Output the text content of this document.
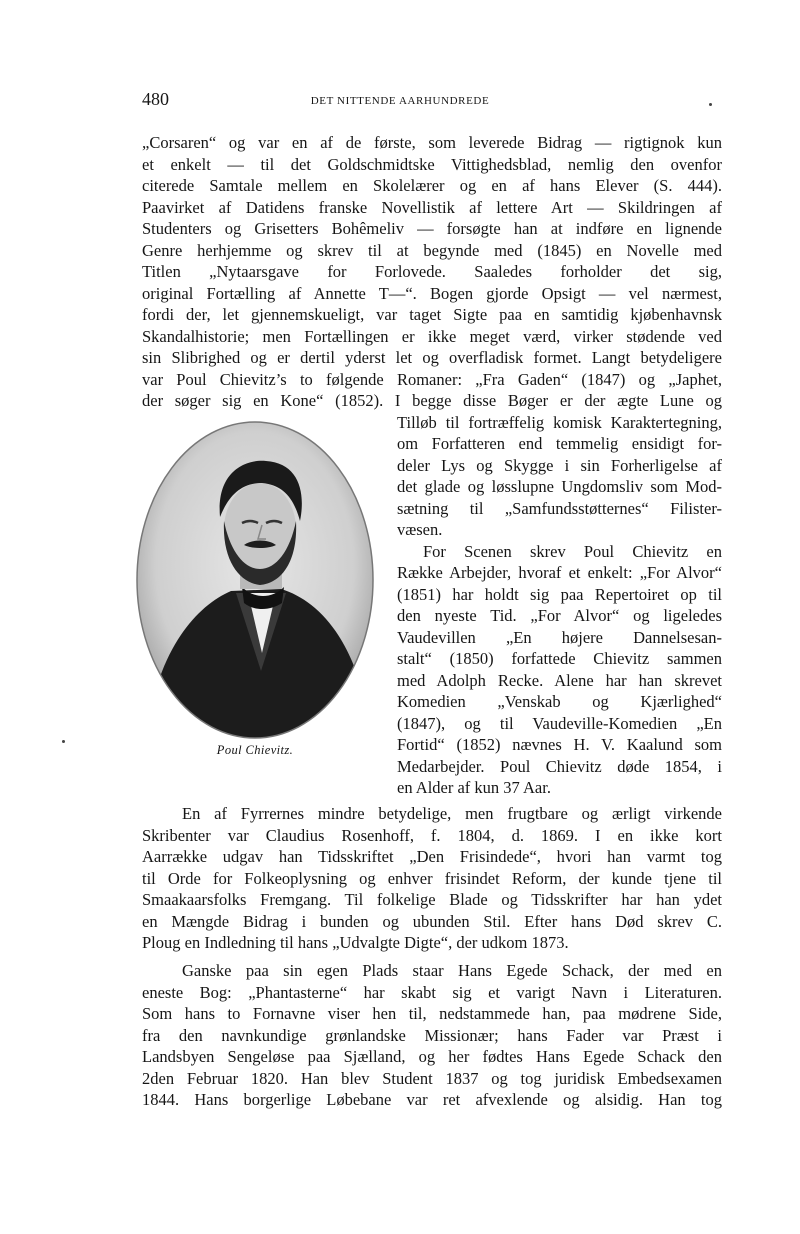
480	DET NITTENDE AARHUNDREDE
Poul Chievitz.
„Corsaren“ og var en af de første, som leverede Bidrag — rigtignok kun
et enkelt — til det Goldschmidtske Vittighedsblad, nemlig den ovenfor
citerede Samtale mellem en Skolelærer og en af hans Elever (S. 444).
Paavirket af Datidens franske Novellistik af lettere Art — Skildringen af
Studenters og Grisetters Bohêmeliv — forsøgte han at indføre en lignende
Genre herhjemme og skrev til at begynde med (1845) en Novelle med
Titlen „Nytaarsgave for Forlovede. Saaledes forholder det sig,
original Fortælling af Annette T—“. Bogen gjorde Opsigt — vel nærmest,
fordi der, let gjennemskueligt, var taget Sigte paa en samtidig kjøbenhavnsk
Skandalhistorie; men Fortællingen er ikke meget værd, virker stødende ved
sin Slibrighed og er dertil yderst let og overfladisk formet. Langt betydeligere
var Poul Chievitz’s to følgende Romaner: „Fra Gaden“ (1847) og „Japhet,
der søger sig en Kone“ (1852). I begge disse Bøger er der ægte Lune og
Tilløb til fortræffelig komisk Karaktertegning,
om Forfatteren end temmelig ensidigt for-
deler Lys og Skygge i sin Forherligelse af
det glade og løsslupne Ungdomsliv som Mod-
sætning til „Samfundsstøtternes“ Filister-
væsen.
For Scenen skrev Poul Chievitz en
Række Arbejder, hvoraf et enkelt: „For Alvor“
(1851) har holdt sig paa Repertoiret op til
den nyeste Tid. „For Alvor“ og ligeledes
Vaudevillen „En højere Dannelsesan-
stalt“ (1850) forfattede Chievitz sammen
med Adolph Recke. Alene har han skrevet
Komedien „Venskab og Kjærlighed“
(1847), og til Vaudeville-Komedien „En
Fortid“ (1852) nævnes H. V. Kaalund som
Medarbejder. Poul Chievitz døde 1854, i
en Alder af kun 37 Aar.
En af Fyrrernes mindre betydelige, men frugtbare og ærligt virkende
Skribenter var Claudius Rosenhoff, f. 1804, d. 1869. I en ikke kort
Aarrække udgav han Tidsskriftet „Den Frisindede“, hvori han varmt tog
til Orde for Folkeoplysning og enhver frisindet Reform, der kunde tjene til
Smaakaarsfolks Fremgang. Til folkelige Blade og Tidsskrifter har han ydet
en Mængde Bidrag i bunden og ubunden Stil. Efter hans Død skrev C.
Ploug en Indledning til hans „Udvalgte Digte“, der udkom 1873.
Ganske paa sin egen Plads staar Hans Egede Schack, der med en
eneste Bog: „Phantasterne“ har skabt sig et varigt Navn i Literaturen.
Som hans to Fornavne viser hen til, nedstammede han, paa mødrene Side,
fra den navnkundige grønlandske Missionær; hans Fader var Præst i
Landsbyen Sengeløse paa Sjælland, og her fødtes Hans Egede Schack den
2den Februar 1820. Han blev Student 1837 og tog juridisk Embedsexamen
1844. Hans borgerlige Løbebane var ret afvexlende og alsidig. Han tog
